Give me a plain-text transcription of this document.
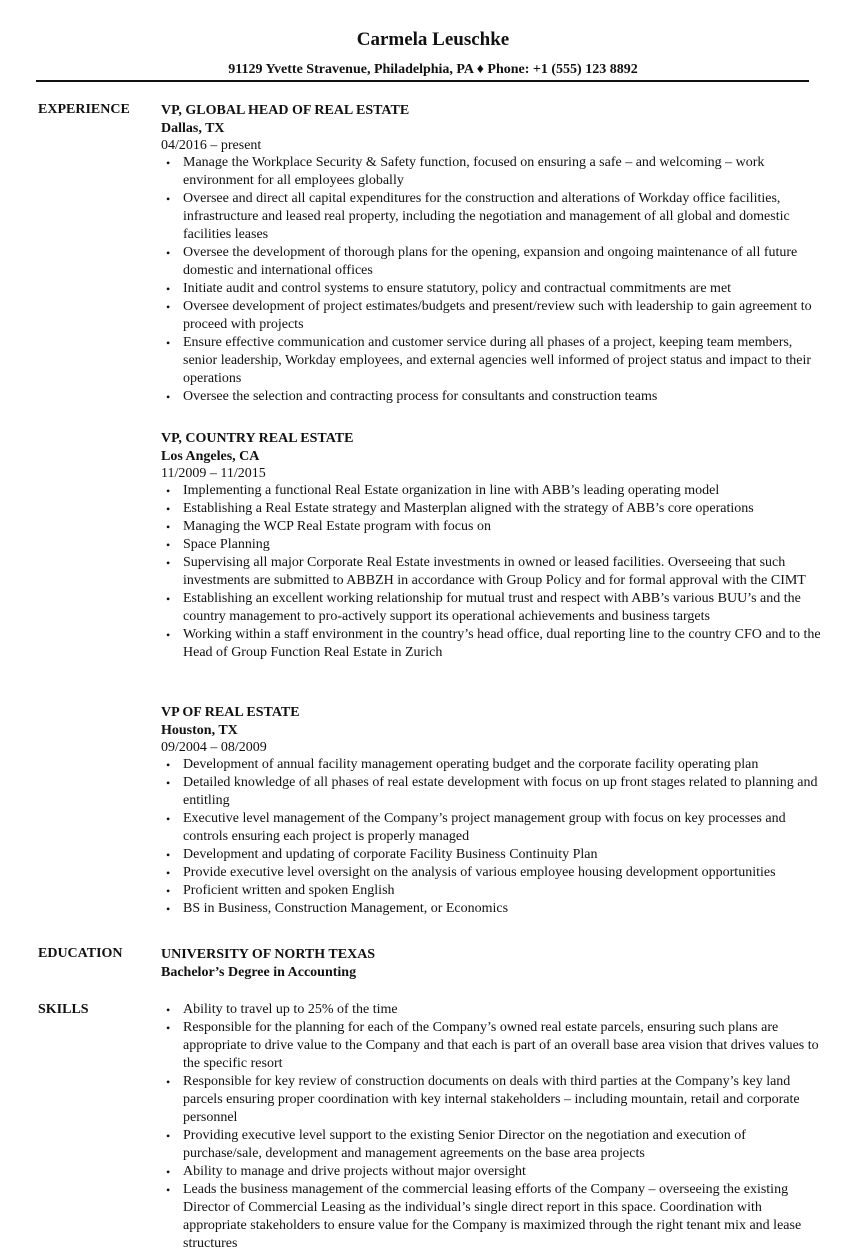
Carmela Leuschke
91129 Yvette Stravenue, Philadelphia, PA ♦ Phone: +1 (555) 123 8892
EXPERIENCE VP, GLOBAL HEAD OF REAL ESTATE
Dallas, TX
04/2016 – present
• Manage the Workplace Security & Safety function, focused on ensuring a safe – and welcoming – work environment for all employees globally
• Oversee and direct all capital expenditures for the construction and alterations of Workday office facilities, infrastructure and leased real property, including the negotiation and management of all global and domestic facilities leases
• Oversee the development of thorough plans for the opening, expansion and ongoing maintenance of all future domestic and international offices
• Initiate audit and control systems to ensure statutory, policy and contractual commitments are met
• Oversee development of project estimates/budgets and present/review such with leadership to gain agreement to proceed with projects
• Ensure effective communication and customer service during all phases of a project, keeping team members, senior leadership, Workday employees, and external agencies well informed of project status and impact to their operations
• Oversee the selection and contracting process for consultants and construction teams
VP, COUNTRY REAL ESTATE
Los Angeles, CA
11/2009 – 11/2015
• Implementing a functional Real Estate organization in line with ABB’s leading operating model
• Establishing a Real Estate strategy and Masterplan aligned with the strategy of ABB’s core operations
• Managing the WCP Real Estate program with focus on
• Space Planning
• Supervising all major Corporate Real Estate investments in owned or leased facilities. Overseeing that such investments are submitted to ABBZH in accordance with Group Policy and for formal approval with the CIMT
• Establishing an excellent working relationship for mutual trust and respect with ABB’s various BUU’s and the country management to pro-actively support its operational achievements and business targets
• Working within a staff environment in the country’s head office, dual reporting line to the country CFO and to the Head of Group Function Real Estate in Zurich
VP OF REAL ESTATE
Houston, TX
09/2004 – 08/2009
• Development of annual facility management operating budget and the corporate facility operating plan
• Detailed knowledge of all phases of real estate development with focus on up front stages related to planning and entitling
• Executive level management of the Company’s project management group with focus on key processes and controls ensuring each project is properly managed
• Development and updating of corporate Facility Business Continuity Plan
• Provide executive level oversight on the analysis of various employee housing development opportunities
• Proficient written and spoken English
• BS in Business, Construction Management, or Economics
EDUCATION	UNIVERSITY OF NORTH TEXAS
Bachelor’s Degree in Accounting
SKILLS
•	Ability to travel up to 25% of the time
• Responsible for the planning for each of the Company’s owned real estate parcels, ensuring such plans are appropriate to drive value to the Company and that each is part of an overall base area vision that drives values to the specific resort
• Responsible for key review of construction documents on deals with third parties at the Company’s key land parcels ensuring proper coordination with key internal stakeholders – including mountain, retail and corporate personnel
• Providing executive level support to the existing Senior Director on the negotiation and execution of purchase/sale, development and management agreements on the base area projects
• Ability to manage and drive projects without major oversight
• Leads the business management of the commercial leasing efforts of the Company – overseeing the existing Director of Commercial Leasing as the individual’s single direct report in this space. Coordination with appropriate stakeholders to ensure value for the Company is maximized through the right tenant mix and lease structures
